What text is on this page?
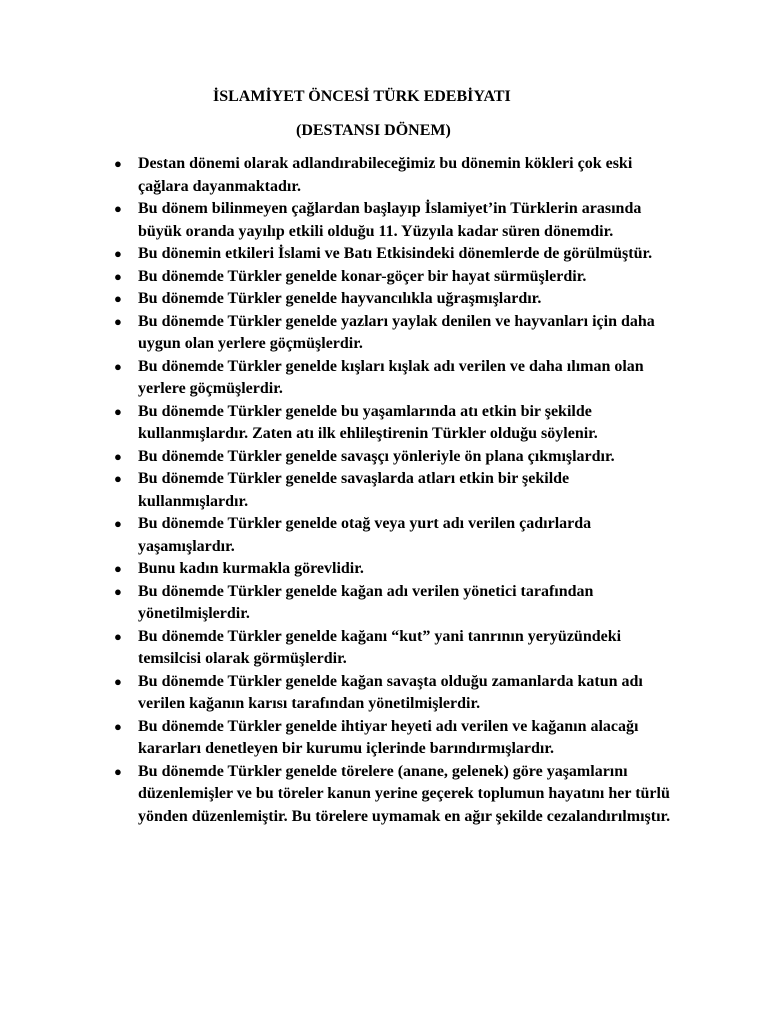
İSLAMİYET ÖNCESİ TÜRK EDEBİYATI
(DESTANSI DÖNEM)
● Destan dönemi olarak adlandırabileceğimiz bu dönemin kökleri çok eski çağlara dayanmaktadır.
● Bu dönem bilinmeyen çağlardan başlayıp İslamiyet’in Türklerin arasında büyük oranda yayılıp etkili olduğu 11. Yüzyıla kadar süren dönemdir.
● Bu dönemin etkileri İslami ve Batı Etkisindeki dönemlerde de görülmüştür.
● Bu dönemde Türkler genelde konar-göçer bir hayat sürmüşlerdir.
● Bu dönemde Türkler genelde hayvancılıkla uğraşmışlardır.
● Bu dönemde Türkler genelde yazları yaylak denilen ve hayvanları için daha uygun olan yerlere göçmüşlerdir.
● Bu dönemde Türkler genelde kışları kışlak adı verilen ve daha ılıman olan yerlere göçmüşlerdir.
● Bu dönemde Türkler genelde bu yaşamlarında atı etkin bir şekilde kullanmışlardır. Zaten atı ilk ehlileştirenin Türkler olduğu söylenir.
● Bu dönemde Türkler genelde savaşçı yönleriyle ön plana çıkmışlardır.
● Bu dönemde Türkler genelde savaşlarda atları etkin bir şekilde kullanmışlardır.
● Bu dönemde Türkler genelde otağ veya yurt adı verilen çadırlarda yaşamışlardır.
● Bunu kadın kurmakla görevlidir.
● Bu dönemde Türkler genelde kağan adı verilen yönetici tarafından yönetilmişlerdir.
● Bu dönemde Türkler genelde kağanı “kut” yani tanrının yeryüzündeki temsilcisi olarak görmüşlerdir.
● Bu dönemde Türkler genelde kağan savaşta olduğu zamanlarda katun adı verilen kağanın karısı tarafından yönetilmişlerdir.
● Bu dönemde Türkler genelde ihtiyar heyeti adı verilen ve kağanın alacağı kararları denetleyen bir kurumu içlerinde barındırmışlardır.
● Bu dönemde Türkler genelde törelere (anane, gelenek) göre yaşamlarını düzenlemişler ve bu töreler kanun yerine geçerek toplumun hayatını her türlü yönden düzenlemiştir. Bu törelere uymamak en ağır şekilde cezalandırılmıştır.
